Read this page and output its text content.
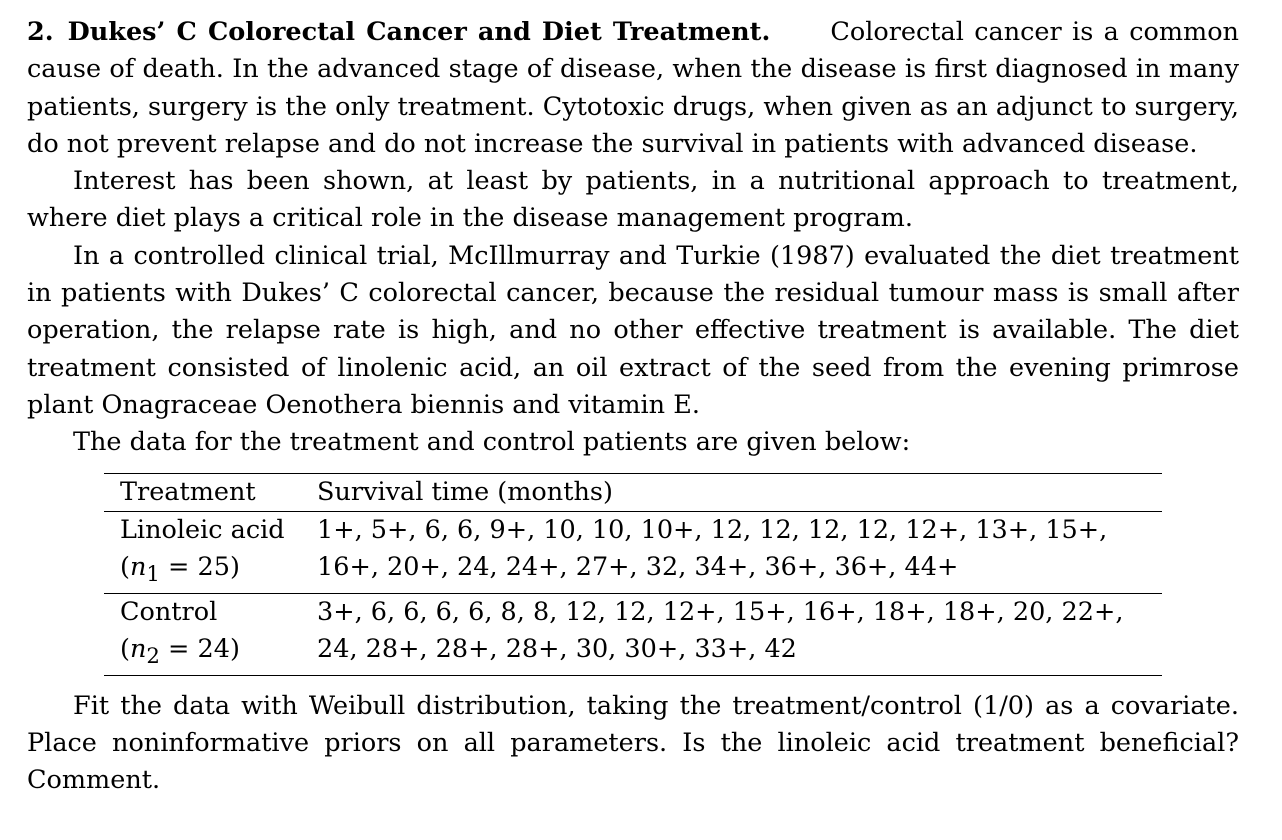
2. Dukes’ C Colorectal Cancer and Diet Treatment. Colorectal cancer is a common cause of death. In the advanced stage of disease, when the disease is first diagnosed in many patients, surgery is the only treatment. Cytotoxic drugs, when given as an adjunct to surgery, do not prevent relapse and do not increase the survival in patients with advanced disease.

Interest has been shown, at least by patients, in a nutritional approach to treatment, where diet plays a critical role in the disease management program.

In a controlled clinical trial, McIllmurray and Turkie (1987) evaluated the diet treatment in patients with Dukes’ C colorectal cancer, because the residual tumour mass is small after operation, the relapse rate is high, and no other effective treatment is available. The diet treatment consisted of linolenic acid, an oil extract of the seed from the evening primrose plant Onagraceae Oenothera biennis and vitamin E.

The data for the treatment and control patients are given below:

Treatment	Survival time (months)
Linoleic acid	1+, 5+, 6, 6, 9+, 10, 10, 10+, 12, 12, 12, 12, 12+, 13+, 15+,
$(n_1 = 25)$	16+, 20+, 24, 24+, 27+, 32, 34+, 36+, 36+, 44+
Control	3+, 6, 6, 6, 6, 8, 8, 12, 12, 12+, 15+, 16+, 18+, 18+, 20, 22+,
$(n_2 = 24)$	24, 28+, 28+, 28+, 30, 30+, 33+, 42

Fit the data with Weibull distribution, taking the treatment/control (1/0) as a covariate. Place noninformative priors on all parameters. Is the linoleic acid treatment beneficial? Comment.
